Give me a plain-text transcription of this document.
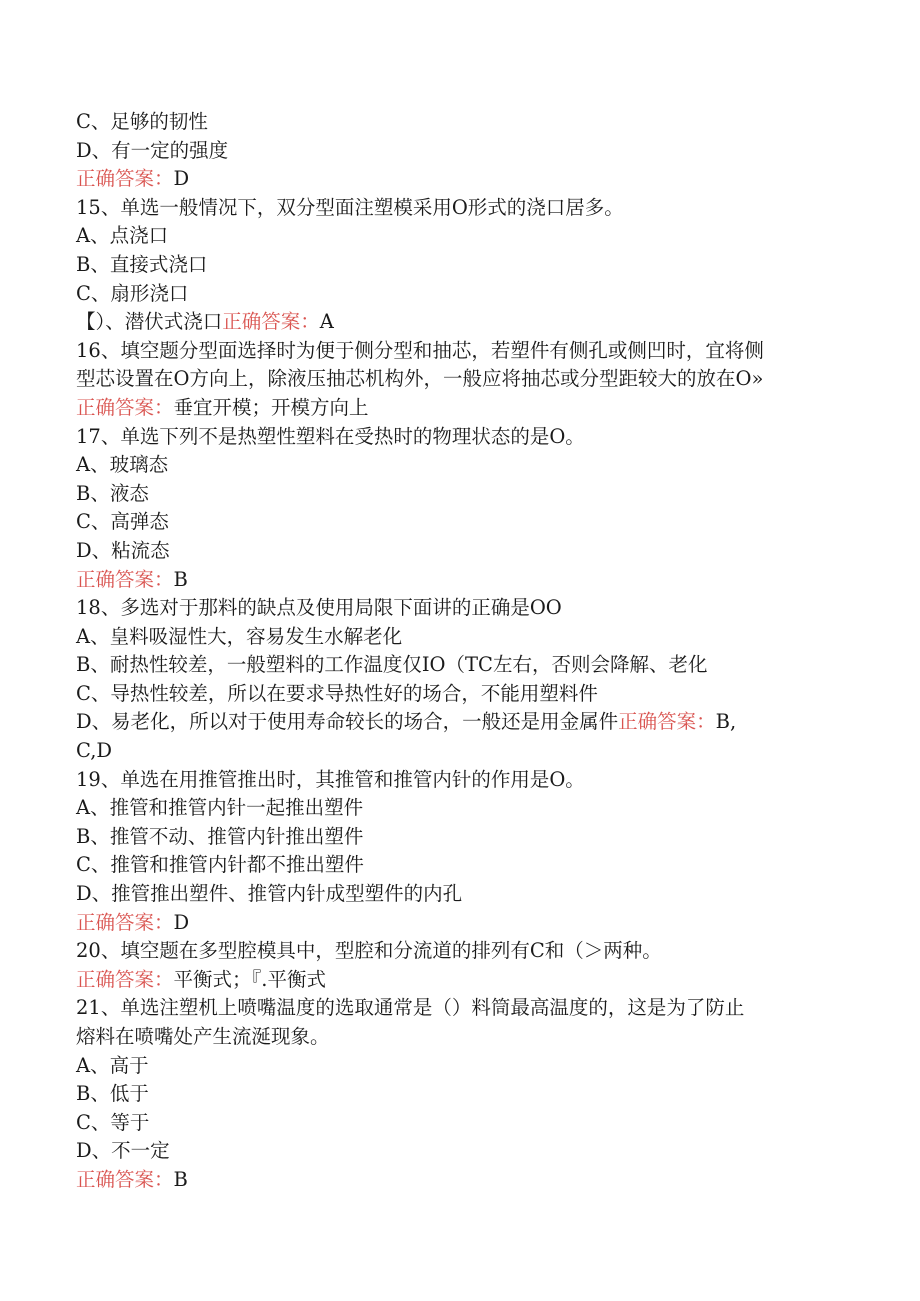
C、足够的韧性
D、有一定的强度
正确答案：D
15、单选一般情况下，双分型面注塑模采用O形式的浇口居多。
A、点浇口
B、直接式浇口
C、扇形浇口
【）、潜伏式浇口正确答案：A
16、填空题分型面选择时为便于侧分型和抽芯，若塑件有侧孔或侧凹时，宜将侧
型芯设置在O方向上，除液压抽芯机构外，一般应将抽芯或分型距较大的放在O»
正确答案：垂宜开模；开模方向上
17、单选下列不是热塑性塑料在受热时的物理状态的是O。
A、玻璃态
B、液态
C、高弹态
D、粘流态
正确答案：B
18、多选对于那料的缺点及使用局限下面讲的正确是OO
A、皇料吸湿性大，容易发生水解老化
B、耐热性较差，一般塑料的工作温度仅IO（TC左右，否则会降解、老化
C、导热性较差，所以在要求导热性好的场合，不能用塑料件
D、易老化，所以对于使用寿命较长的场合，一般还是用金属件正确答案：B,
C,D
19、单选在用推管推出时，其推管和推管内针的作用是O。
A、推管和推管内针一起推出塑件
B、推管不动、推管内针推出塑件
C、推管和推管内针都不推出塑件
D、推管推出塑件、推管内针成型塑件的内孔
正确答案：D
20、填空题在多型腔模具中，型腔和分流道的排列有C和（＞两种。
正确答案：平衡式；『.平衡式
21、单选注塑机上喷嘴温度的选取通常是（）料筒最高温度的，这是为了防止
熔料在喷嘴处产生流涎现象。
A、高于
B、低于
C、等于
D、不一定
正确答案：B
